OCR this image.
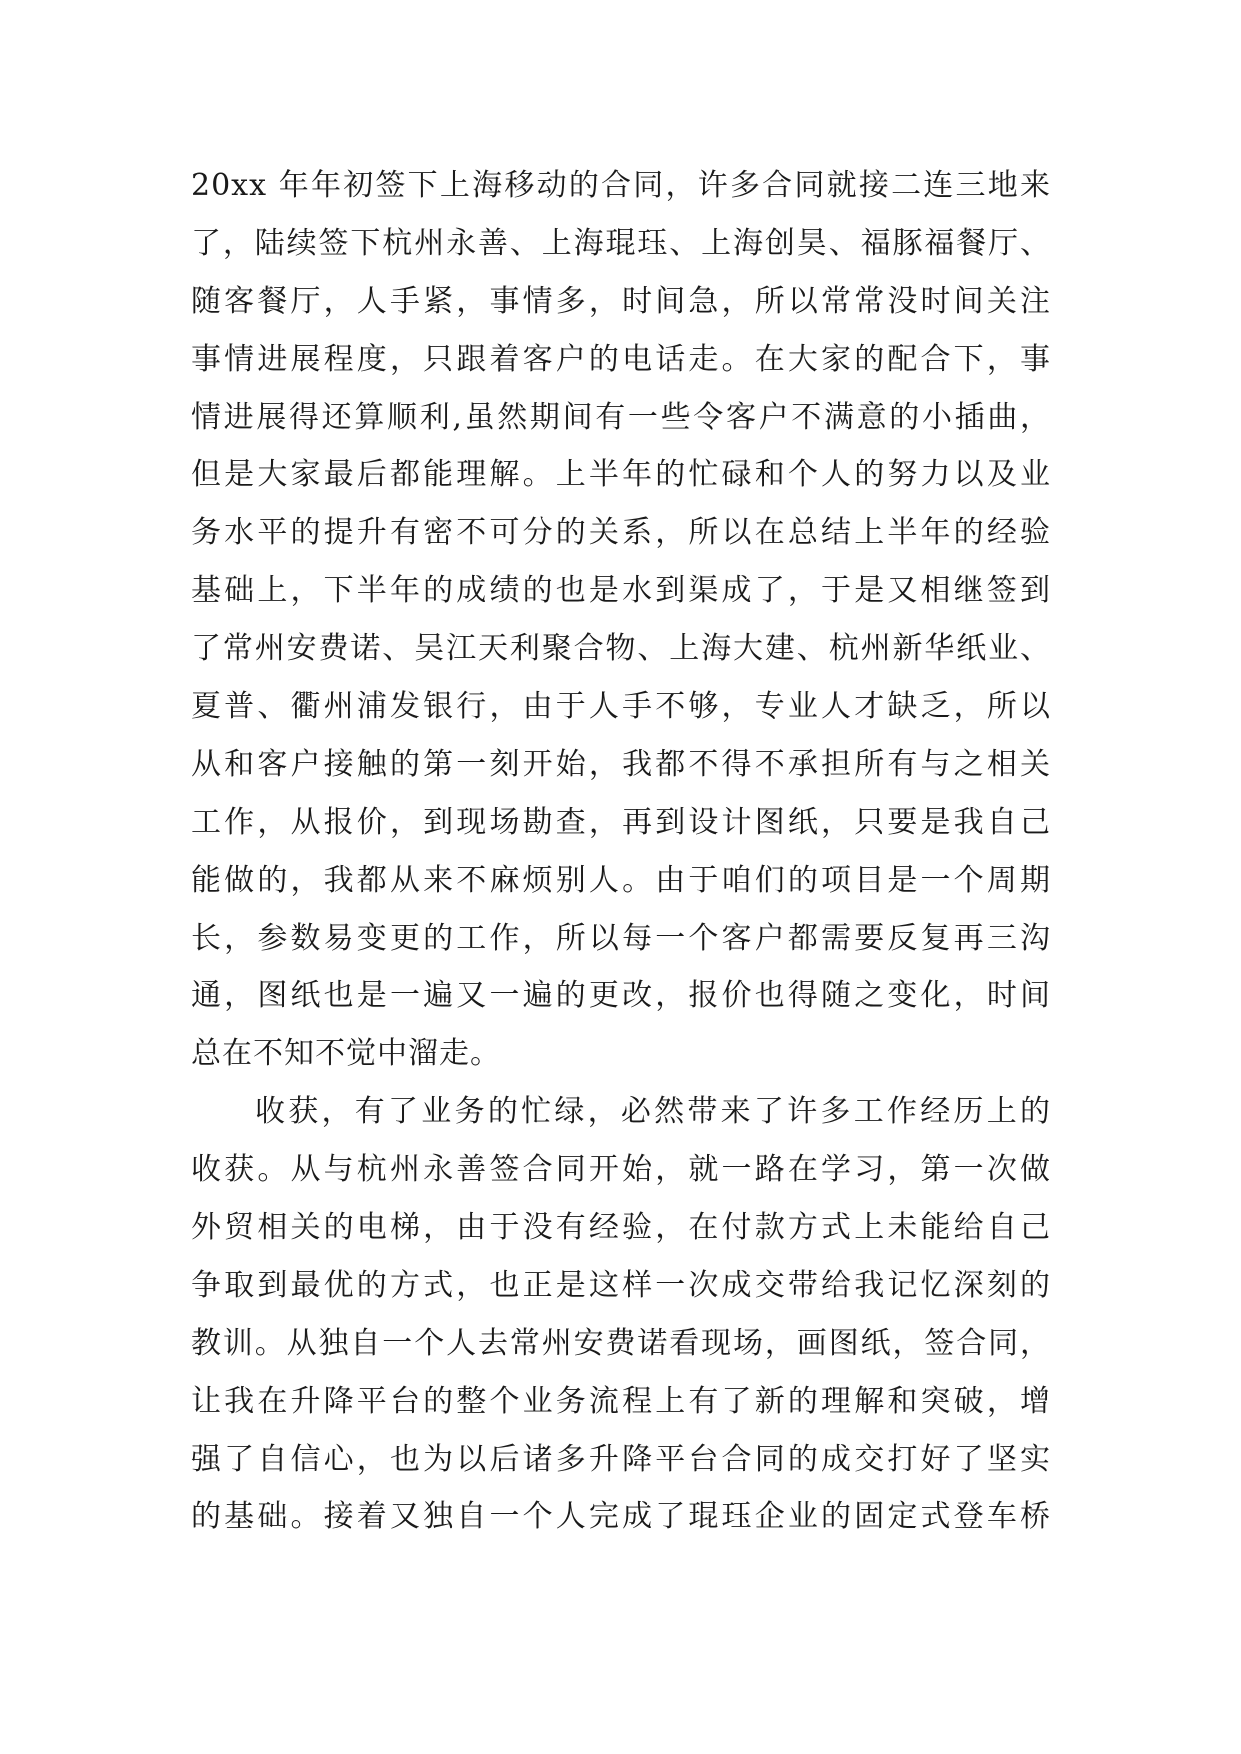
20xx 年年初签下上海移动的合同，许多合同就接二连三地来
了，陆续签下杭州永善、上海琨珏、上海创昊、福豚福餐厅、
随客餐厅，人手紧，事情多，时间急，所以常常没时间关注
事情进展程度，只跟着客户的电话走。在大家的配合下，事
情进展得还算顺利,虽然期间有一些令客户不满意的小插曲，
但是大家最后都能理解。上半年的忙碌和个人的努力以及业
务水平的提升有密不可分的关系，所以在总结上半年的经验
基础上，下半年的成绩的也是水到渠成了，于是又相继签到
了常州安费诺、吴江天利聚合物、上海大建、杭州新华纸业、
夏普、衢州浦发银行，由于人手不够，专业人才缺乏，所以
从和客户接触的第一刻开始，我都不得不承担所有与之相关
工作，从报价，到现场勘查，再到设计图纸，只要是我自己
能做的，我都从来不麻烦别人。由于咱们的项目是一个周期
长，参数易变更的工作，所以每一个客户都需要反复再三沟
通，图纸也是一遍又一遍的更改，报价也得随之变化，时间
总在不知不觉中溜走。
收获，有了业务的忙绿，必然带来了许多工作经历上的
收获。从与杭州永善签合同开始，就一路在学习，第一次做
外贸相关的电梯，由于没有经验，在付款方式上未能给自己
争取到最优的方式，也正是这样一次成交带给我记忆深刻的
教训。从独自一个人去常州安费诺看现场，画图纸，签合同，
让我在升降平台的整个业务流程上有了新的理解和突破，增
强了自信心，也为以后诸多升降平台合同的成交打好了坚实
的基础。接着又独自一个人完成了琨珏企业的固定式登车桥
